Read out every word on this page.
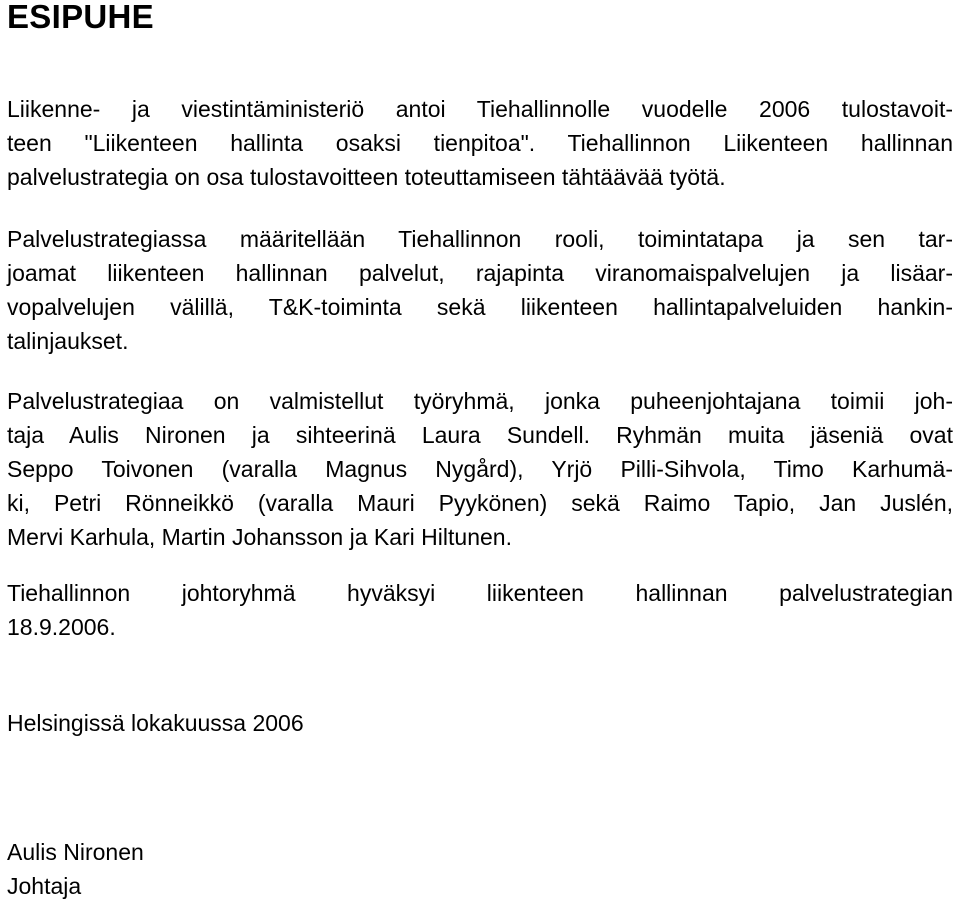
ESIPUHE

Liikenne- ja viestintäministeriö antoi Tiehallinnolle vuodelle 2006 tulostavoit-
teen "Liikenteen hallinta osaksi tienpitoa". Tiehallinnon Liikenteen hallinnan
palvelustrategia on osa tulostavoitteen toteuttamiseen tähtäävää työtä.

Palvelustrategiassa määritellään Tiehallinnon rooli, toimintatapa ja sen tar-
joamat liikenteen hallinnan palvelut, rajapinta viranomaispalvelujen ja lisäar-
vopalvelujen välillä, T&K-toiminta sekä liikenteen hallintapalveluiden hankin-
talinjaukset.

Palvelustrategiaa on valmistellut työryhmä, jonka puheenjohtajana toimii joh-
taja Aulis Nironen ja sihteerinä Laura Sundell. Ryhmän muita jäseniä ovat
Seppo Toivonen (varalla Magnus Nygård), Yrjö Pilli-Sihvola, Timo Karhumä-
ki, Petri Rönneikkö (varalla Mauri Pyykönen) sekä Raimo Tapio, Jan Juslén,
Mervi Karhula, Martin Johansson ja Kari Hiltunen.

Tiehallinnon johtoryhmä hyväksyi liikenteen hallinnan palvelustrategian
18.9.2006.

Helsingissä lokakuussa 2006

Aulis Nironen

Johtaja
